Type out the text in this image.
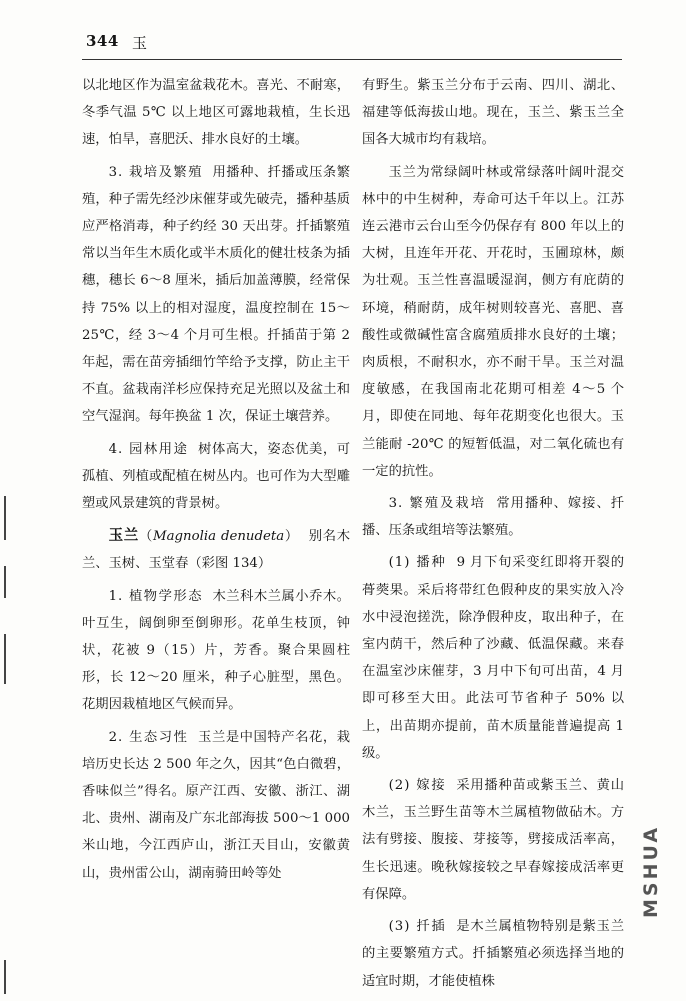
344 玉

以北地区作为温室盆栽花木。喜光、不耐寒，冬季气温 5℃ 以上地区可露地栽植，生长迅速，怕旱，喜肥沃、排水良好的土壤。

3. 栽培及繁殖 用播种、扦播或压条繁殖，种子需先经沙床催芽或先破壳，播种基质应严格消毒，种子约经 30 天出芽。扦插繁殖常以当年生木质化或半木质化的健壮枝条为插穗，穗长 6～8 厘米，插后加盖薄膜，经常保持 75% 以上的相对湿度，温度控制在 15～25℃，经 3～4 个月可生根。扦插苗于第 2 年起，需在苗旁插细竹竿给予支撑，防止主干不直。盆栽南洋杉应保持充足光照以及盆土和空气湿润。每年换盆 1 次，保证土壤营养。

4. 园林用途 树体高大，姿态优美，可孤植、列植或配植在树丛内。也可作为大型雕塑或风景建筑的背景树。

玉兰（Magnolia denudeta）  别名木兰、玉树、玉堂春（彩图 134）

1. 植物学形态 木兰科木兰属小乔木。叶互生，阔倒卵至倒卵形。花单生枝顶，钟状，花被 9（15）片，芳香。聚合果圆柱形，长 12～20 厘米，种子心脏型，黑色。花期因栽植地区气候而异。

2. 生态习性 玉兰是中国特产名花，栽培历史长达 2 500 年之久，因其“色白微碧，香味似兰”得名。原产江西、安徽、浙江、湖北、贵州、湖南及广东北部海拔 500～1 000 米山地，今江西庐山，浙江天目山，安徽黄山，贵州雷公山，湖南骑田岭等处

有野生。紫玉兰分布于云南、四川、湖北、福建等低海拔山地。现在，玉兰、紫玉兰全国各大城市均有栽培。

玉兰为常绿阔叶林或常绿落叶阔叶混交林中的中生树种，寿命可达千年以上。江苏连云港市云台山至今仍保存有 800 年以上的大树，且连年开花、开花时，玉圃琼林，颇为壮观。玉兰性喜温暖湿润，侧方有庇荫的环境，稍耐荫，成年树则较喜光、喜肥、喜酸性或微碱性富含腐殖质排水良好的土壤；肉质根，不耐积水，亦不耐干旱。玉兰对温度敏感，在我国南北花期可相差 4～5 个月，即使在同地、每年花期变化也很大。玉兰能耐 -20℃ 的短暂低温，对二氧化硫也有一定的抗性。

3. 繁殖及栽培 常用播种、嫁接、扦播、压条或组培等法繁殖。

(1) 播种 9 月下旬采变红即将开裂的蓇葖果。采后将带红色假种皮的果实放入冷水中浸泡搓洗，除净假种皮，取出种子，在室内荫干，然后种了沙藏、低温保藏。来春在温室沙床催芽，3 月中下旬可出苗，4 月即可移至大田。此法可节省种子 50% 以上，出苗期亦提前，苗木质量能普遍提高 1 级。

(2) 嫁接 采用播种苗或紫玉兰、黄山木兰，玉兰野生苗等木兰属植物做砧木。方法有劈接、腹接、芽接等，劈接成活率高，生长迅速。晚秋嫁接较之早春嫁接成活率更有保障。

(3) 扦插 是木兰属植物特别是紫玉兰的主要繁殖方式。扦插繁殖必须选择当地的适宜时期，才能使植株

MSHUA
